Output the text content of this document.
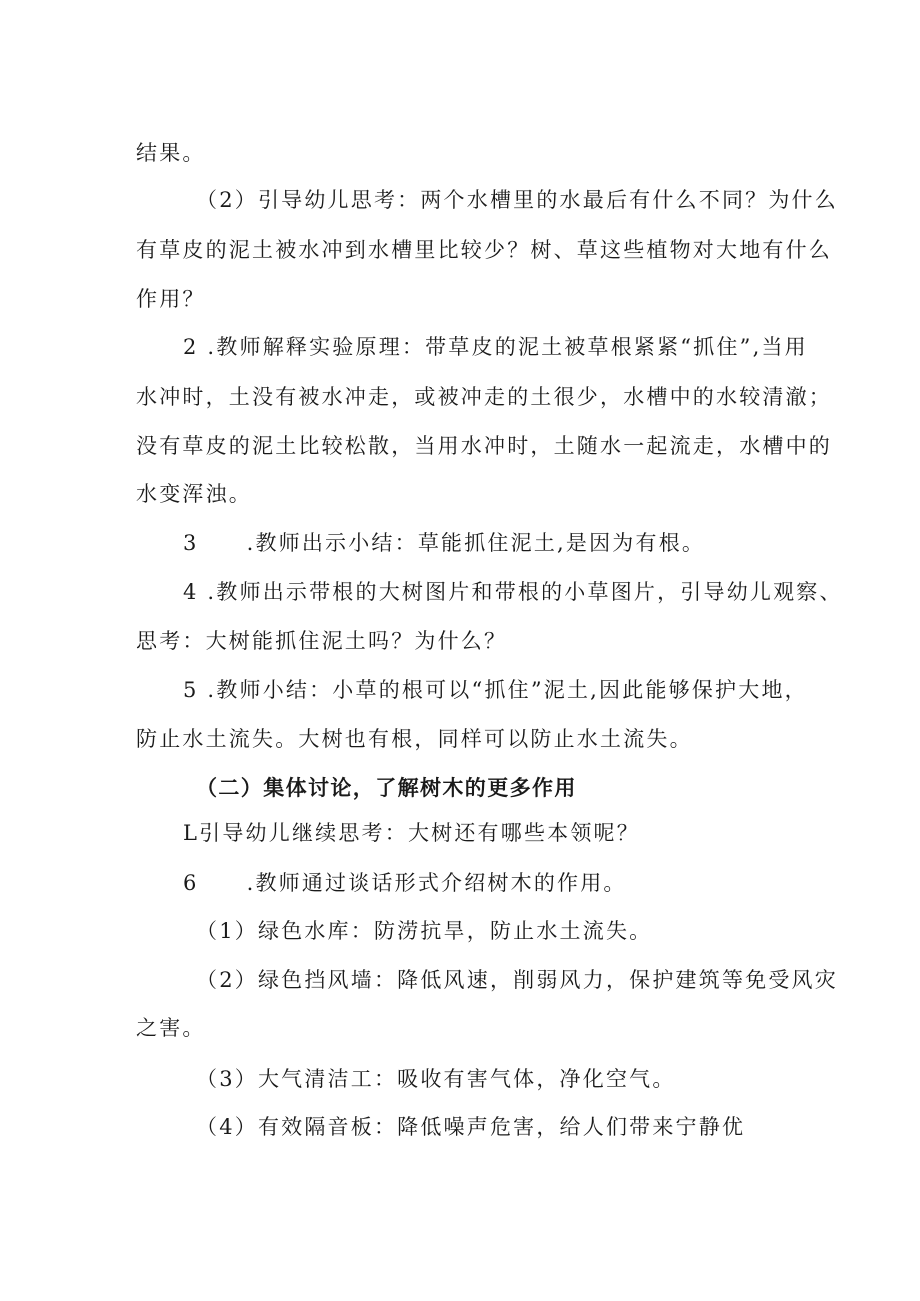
结果。
（2）引导幼儿思考：两个水槽里的水最后有什么不同？为什么
有草皮的泥土被水冲到水槽里比较少？树、草这些植物对大地有什么
作用？
2 .教师解释实验原理：带草皮的泥土被草根紧紧“抓住”,当用
水冲时，土没有被水冲走，或被冲走的土很少，水槽中的水较清澈；
没有草皮的泥土比较松散，当用水冲时，土随水一起流走，水槽中的
水变浑浊。
3 .教师出示小结：草能抓住泥土,是因为有根。
4 .教师出示带根的大树图片和带根的小草图片，引导幼儿观察、
思考：大树能抓住泥土吗？为什么？
5 .教师小结：小草的根可以“抓住”泥土,因此能够保护大地，
防止水土流失。大树也有根，同样可以防止水土流失。
（二）集体讨论，了解树木的更多作用
L引导幼儿继续思考：大树还有哪些本领呢？
6 .教师通过谈话形式介绍树木的作用。
（1）绿色水库：防涝抗旱，防止水土流失。
（2）绿色挡风墙：降低风速，削弱风力，保护建筑等免受风灾
之害。
（3）大气清洁工：吸收有害气体，净化空气。
（4）有效隔音板：降低噪声危害，给人们带来宁静优
